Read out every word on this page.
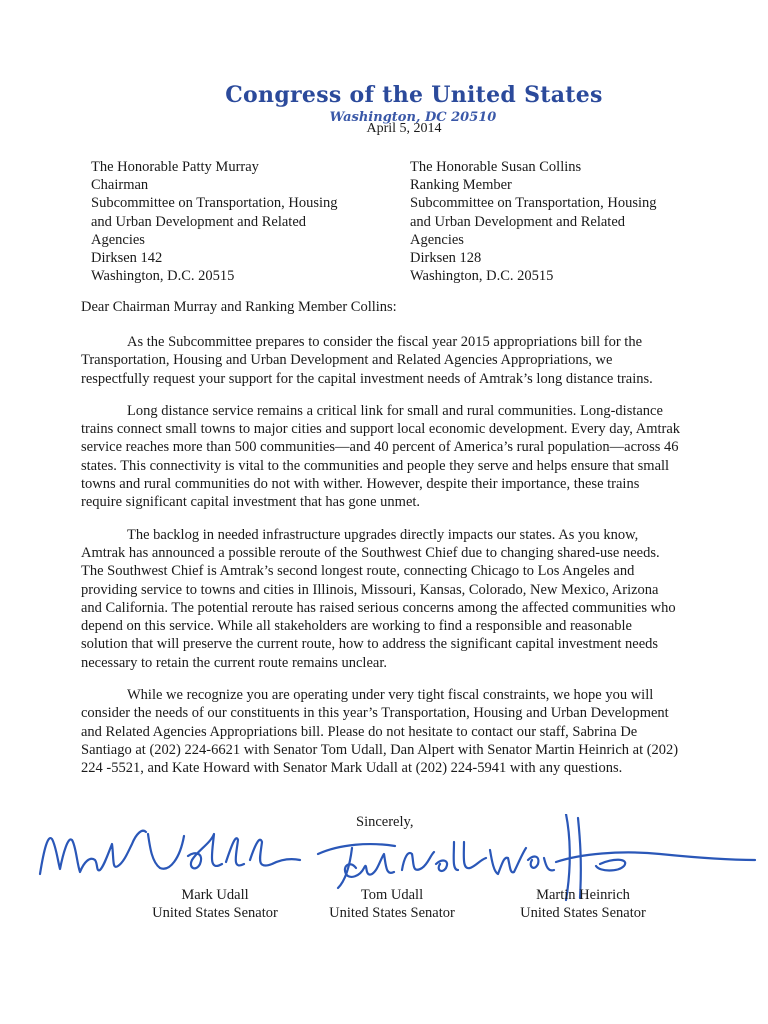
Congress of the United States
Washington, DC 20510
April 5, 2014
The Honorable Patty Murray
Chairman
Subcommittee on Transportation, Housing
and Urban Development and Related
Agencies
Dirksen 142
Washington, D.C. 20515
The Honorable Susan Collins
Ranking Member
Subcommittee on Transportation, Housing
and Urban Development and Related
Agencies
Dirksen 128
Washington, D.C. 20515
Dear Chairman Murray and Ranking Member Collins:

As the Subcommittee prepares to consider the fiscal year 2015 appropriations bill for the Transportation, Housing and Urban Development and Related Agencies Appropriations, we respectfully request your support for the capital investment needs of Amtrak’s long distance trains.

Long distance service remains a critical link for small and rural communities. Long-distance trains connect small towns to major cities and support local economic development. Every day, Amtrak service reaches more than 500 communities—and 40 percent of America’s rural population—across 46 states. This connectivity is vital to the communities and people they serve and helps ensure that small towns and rural communities do not with wither. However, despite their importance, these trains require significant capital investment that has gone unmet.

The backlog in needed infrastructure upgrades directly impacts our states. As you know, Amtrak has announced a possible reroute of the Southwest Chief due to changing shared-use needs. The Southwest Chief is Amtrak’s second longest route, connecting Chicago to Los Angeles and providing service to towns and cities in Illinois, Missouri, Kansas, Colorado, New Mexico, Arizona and California. The potential reroute has raised serious concerns among the affected communities who depend on this service. While all stakeholders are working to find a responsible and reasonable solution that will preserve the current route, how to address the significant capital investment needs necessary to retain the current route remains unclear.

While we recognize you are operating under very tight fiscal constraints, we hope you will consider the needs of our constituents in this year’s Transportation, Housing and Urban Development and Related Agencies Appropriations bill. Please do not hesitate to contact our staff, Sabrina De Santiago at (202) 224-6621 with Senator Tom Udall, Dan Alpert with Senator Martin Heinrich at (202) 224 -5521, and Kate Howard with Senator Mark Udall at (202) 224-5941 with any questions.

Sincerely,
Mark Udall
United States Senator
Tom Udall
United States Senator
Martin Heinrich
United States Senator
